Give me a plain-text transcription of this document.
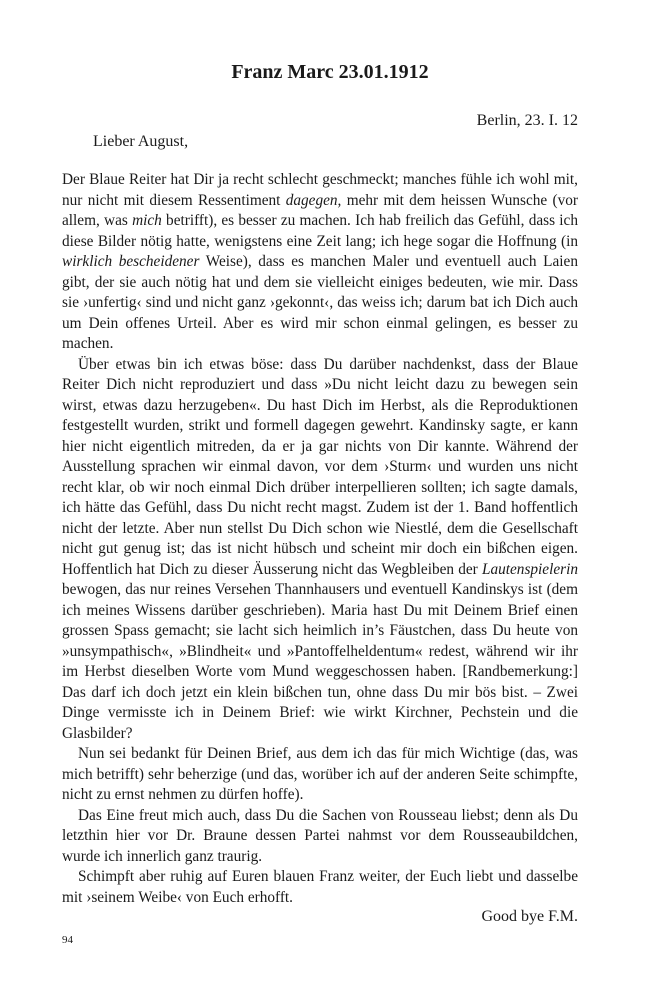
Franz Marc 23.01.1912
Berlin, 23. I. 12
Lieber August,

Der Blaue Reiter hat Dir ja recht schlecht geschmeckt; manches fühle ich wohl mit, nur nicht mit diesem Ressentiment dagegen, mehr mit dem heissen Wunsche (vor allem, was mich betrifft), es besser zu machen. Ich hab freilich das Gefühl, dass ich diese Bilder nötig hatte, wenigstens eine Zeit lang; ich hege sogar die Hoffnung (in wirklich bescheidener Weise), dass es manchen Maler und eventuell auch Laien gibt, der sie auch nötig hat und dem sie vielleicht einiges bedeuten, wie mir. Dass sie ›unfertig‹ sind und nicht ganz ›gekonnt‹, das weiss ich; darum bat ich Dich auch um Dein offenes Urteil. Aber es wird mir schon einmal gelingen, es besser zu machen.

Über etwas bin ich etwas böse: dass Du darüber nachdenkst, dass der Blaue Reiter Dich nicht reproduziert und dass »Du nicht leicht dazu zu bewegen sein wirst, etwas dazu herzugeben«. Du hast Dich im Herbst, als die Reproduktionen festgestellt wurden, strikt und formell dagegen gewehrt. Kandinsky sagte, er kann hier nicht eigentlich mitreden, da er ja gar nichts von Dir kannte. Während der Ausstellung sprachen wir einmal davon, vor dem ›Sturm‹ und wurden uns nicht recht klar, ob wir noch einmal Dich drüber interpellieren sollten; ich sagte damals, ich hätte das Gefühl, dass Du nicht recht magst. Zudem ist der 1. Band hoffentlich nicht der letzte. Aber nun stellst Du Dich schon wie Niestlé, dem die Gesellschaft nicht gut genug ist; das ist nicht hübsch und scheint mir doch ein bißchen eigen. Hoffentlich hat Dich zu dieser Äusserung nicht das Wegbleiben der Lautenspielerin bewogen, das nur reines Versehen Thannhausers und eventuell Kandinskys ist (dem ich meines Wissens darüber geschrieben). Maria hast Du mit Deinem Brief einen grossen Spass gemacht; sie lacht sich heimlich in’s Fäustchen, dass Du heute von »unsympathisch«, »Blindheit« und »Pantoffelheldentum« redest, während wir ihr im Herbst dieselben Worte vom Mund weggeschossen haben. [Randbemerkung:] Das darf ich doch jetzt ein klein bißchen tun, ohne dass Du mir bös bist. – Zwei Dinge vermisste ich in Deinem Brief: wie wirkt Kirchner, Pechstein und die Glasbilder?

Nun sei bedankt für Deinen Brief, aus dem ich das für mich Wichtige (das, was mich betrifft) sehr beherzige (und das, worüber ich auf der anderen Seite schimpfte, nicht zu ernst nehmen zu dürfen hoffe).

Das Eine freut mich auch, dass Du die Sachen von Rousseau liebst; denn als Du letzthin hier vor Dr. Braune dessen Partei nahmst vor dem Rousseaubildchen, wurde ich innerlich ganz traurig.

Schimpft aber ruhig auf Euren blauen Franz weiter, der Euch liebt und dasselbe mit ›seinem Weibe‹ von Euch erhofft.

Good bye F.M.
94
